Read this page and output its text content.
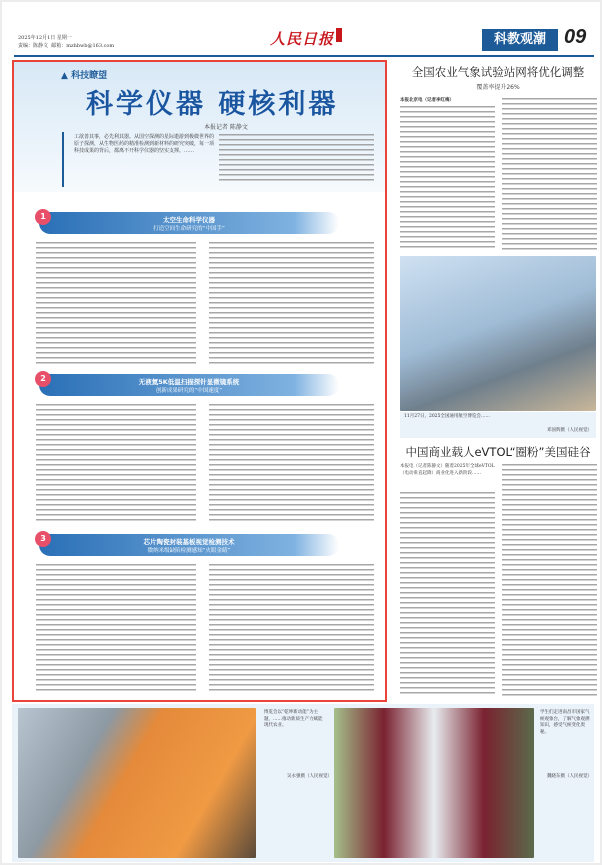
2025年12月1日 星期一
责编：陈静文 邮箱：mzhbwb@163.com	人民日报	科教观潮 09
▲ 科技瞭望
科学仪器 硬核利器
本报记者 陈静文
工欲善其事，必先利其器。从国空探测的星际遨游到极微世界的原子探测，从生物医药的精准检测到新材料的研究突破，每一项科技成果的背后，都离不开科学仪器的坚实支撑。……
1	太空生命科学仪器
打造空间生命研究的“中国手”
2	无液氦5K低温扫描探针显微镜系统
创新成果研究的“中国速度”
3	芯片陶瓷封装基板视觉检测技术
微纳米级缺陷检测感知“火眼金睛”
全国农业气象试验站网将优化调整
覆盖率提升26%
本报北京电（记者李红梅）
11月27日，2025全国通用航空博览会……
邓国辉摄（人民视觉）
中国商业载人eVTOL“圈粉”美国硅谷
本报电（记者陈静文）随着2025年全球eVTOL（电动垂直起降）商业化进入新阶段……
博览会以“乾坤新动能”为主题，……推动新质生产力赋能现代农业。
吴永强摄（人民视觉）
学生们走进南昌市国家气候观象台，了解气象观测知识，感受气候变化奥秘。
魏晓东摄（人民视觉）
